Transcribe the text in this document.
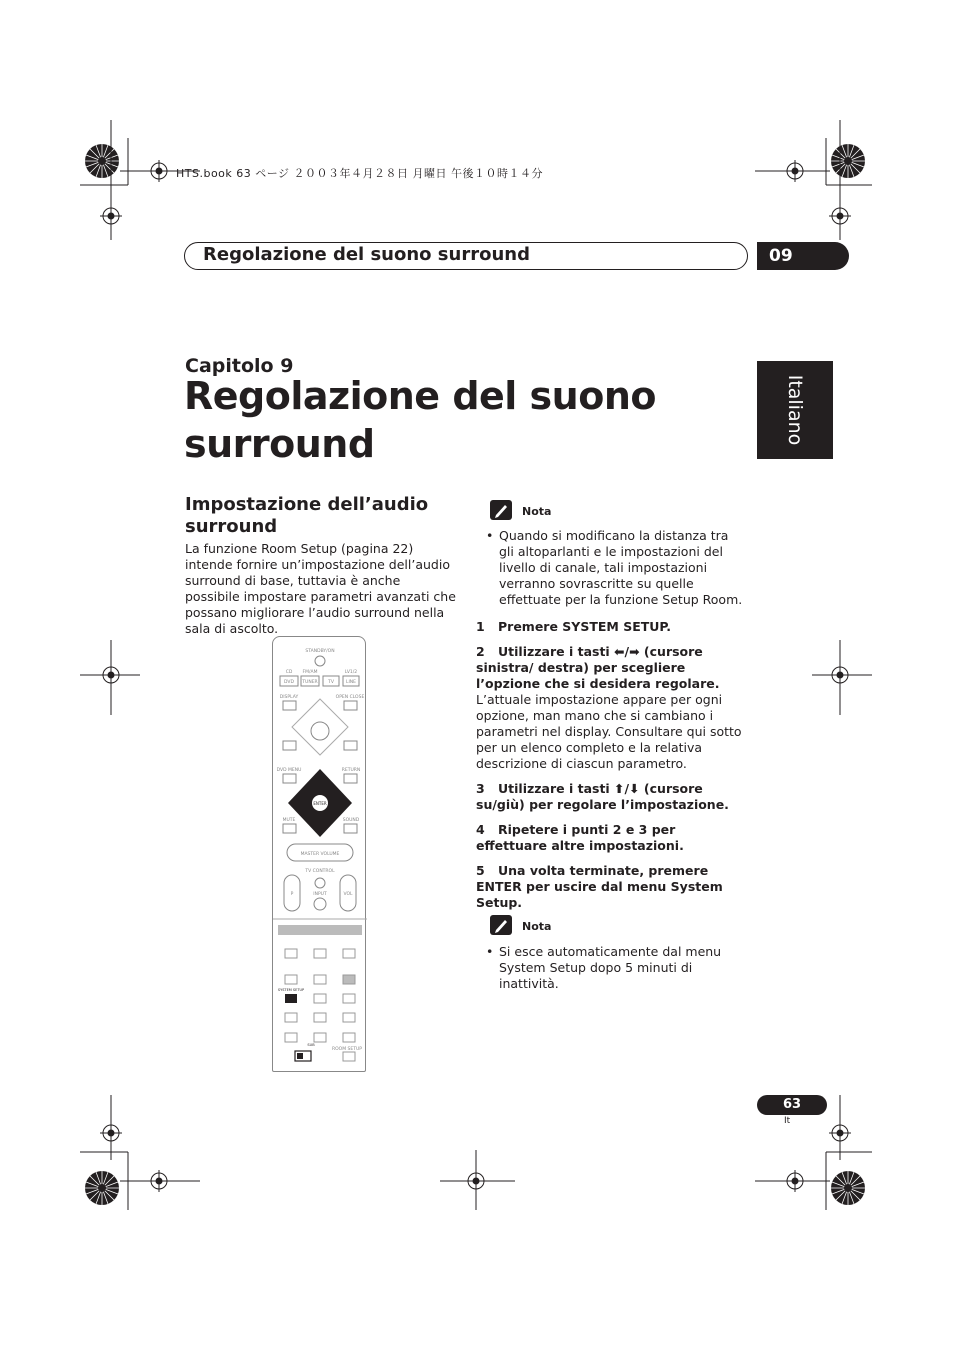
HTS.book 63 ページ ２００３年４月２８日 月曜日 午後１０時１４分
Regolazione del suono surround	09
Italiano
Capitolo 9
Regolazione del suono surround
Impostazione dell’audio surround
La funzione Room Setup (pagina 22) intende fornire un’impostazione dell’audio surround di base, tuttavia è anche possibile impostare parametri avanzati che possano migliorare l’audio surround nella sala di ascolto.
STANDBY/ON
CD FM/AM	LV1/2
DVD TUNER TV	LINE
DISPLAY	OPEN CLOSE
DVD MENU	RETURN
ENTER
MUTE	SOUND
MASTER VOLUME
TV CONTROL
P	VOL
INPUT
SYSTEM SETUP
SUB
ROOM SETUP
Nota
• Quando si modificano la distanza tra gli altoparlanti e le impostazioni del livello di canale, tali impostazioni verranno sovrascritte su quelle effettuate per la funzione Setup Room.
1 Premere SYSTEM SETUP.
2 Utilizzare i tasti ⬅/➡ (cursore sinistra/ destra) per scegliere l’opzione che si desidera regolare.
L’attuale impostazione appare per ogni opzione, man mano che si cambiano i parametri nel display. Consultare qui sotto per un elenco completo e la relativa descrizione di ciascun parametro.
3 Utilizzare i tasti ⬆/⬇ (cursore su/giù) per regolare l’impostazione.
4 Ripetere i punti 2 e 3 per effettuare altre impostazioni.
5 Una volta terminate, premere ENTER per uscire dal menu System Setup.
Nota
• Si esce automaticamente dal menu System Setup dopo 5 minuti di inattività.
63
It
